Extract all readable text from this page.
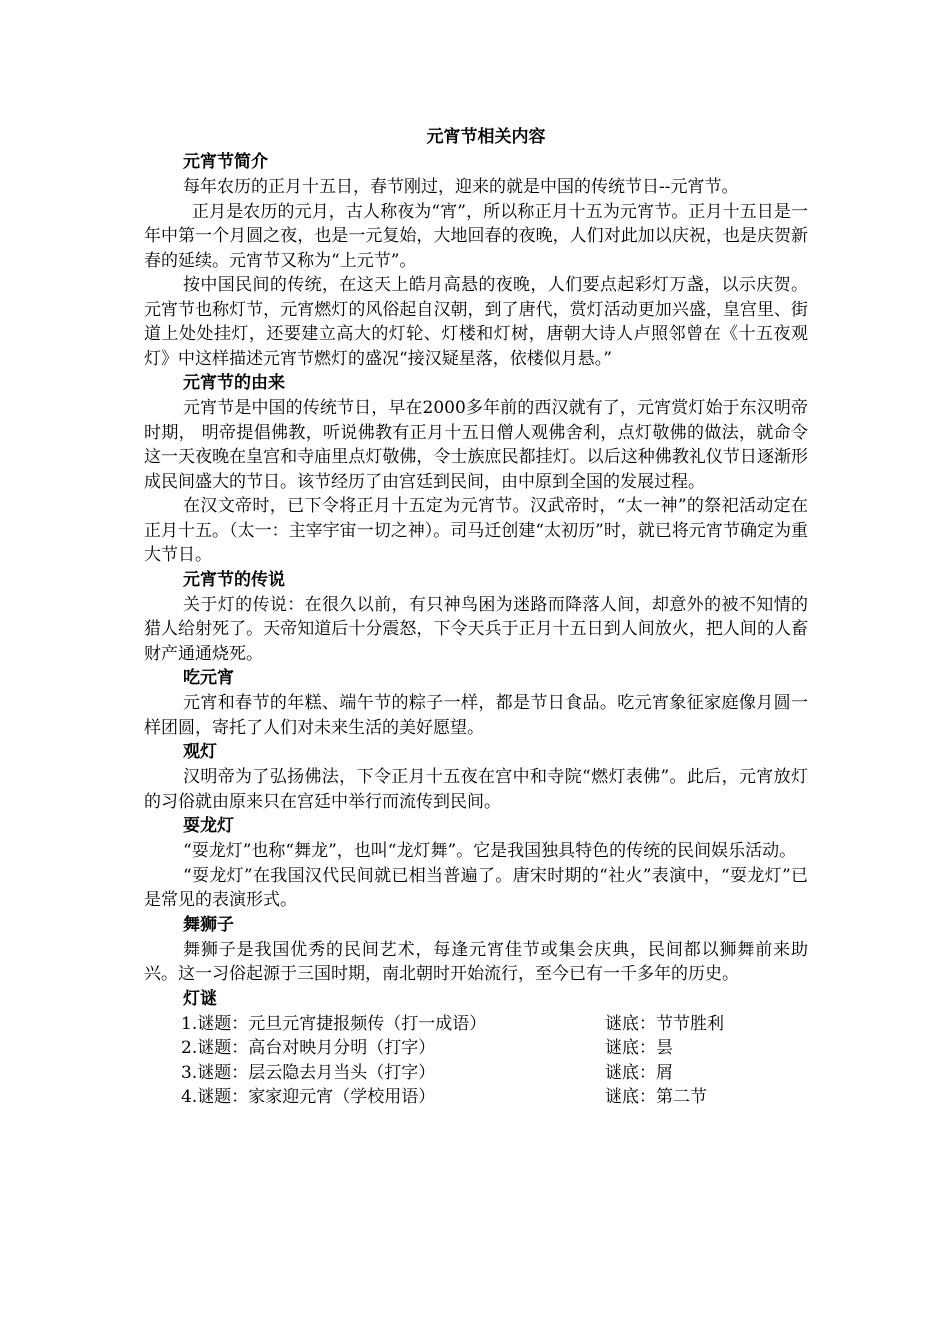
元宵节相关内容
元宵节简介

每年农历的正月十五日，春节刚过，迎来的就是中国的传统节日--元宵节。

正月是农历的元月，古人称夜为“宵”，所以称正月十五为元宵节。正月十五日是一年中第一个月圆之夜，也是一元复始，大地回春的夜晚，人们对此加以庆祝，也是庆贺新春的延续。元宵节又称为“上元节”。

按中国民间的传统，在这天上皓月高悬的夜晚，人们要点起彩灯万盏，以示庆贺。元宵节也称灯节，元宵燃灯的风俗起自汉朝，到了唐代，赏灯活动更加兴盛，皇宫里、街道上处处挂灯，还要建立高大的灯轮、灯楼和灯树，唐朝大诗人卢照邻曾在《十五夜观灯》中这样描述元宵节燃灯的盛况“接汉疑星落，依楼似月悬。”

元宵节的由来

元宵节是中国的传统节日，早在2000多年前的西汉就有了，元宵赏灯始于东汉明帝时期， 明帝提倡佛教，听说佛教有正月十五日僧人观佛舍利，点灯敬佛的做法，就命令这一天夜晚在皇宫和寺庙里点灯敬佛，令士族庶民都挂灯。以后这种佛教礼仪节日逐渐形成民间盛大的节日。该节经历了由宫廷到民间，由中原到全国的发展过程。

在汉文帝时，已下令将正月十五定为元宵节。汉武帝时，“太一神”的祭祀活动定在正月十五。（太一：主宰宇宙一切之神）。司马迁创建“太初历”时，就已将元宵节确定为重大节日。

元宵节的传说

关于灯的传说：在很久以前，有只神鸟困为迷路而降落人间，却意外的被不知情的猎人给射死了。天帝知道后十分震怒，下令天兵于正月十五日到人间放火，把人间的人畜财产通通烧死。

吃元宵

元宵和春节的年糕、端午节的粽子一样，都是节日食品。吃元宵象征家庭像月圆一样团圆，寄托了人们对未来生活的美好愿望。

观灯

汉明帝为了弘扬佛法，下令正月十五夜在宫中和寺院“燃灯表佛”。此后，元宵放灯的习俗就由原来只在宫廷中举行而流传到民间。

耍龙灯

“耍龙灯”也称“舞龙”，也叫“龙灯舞”。它是我国独具特色的传统的民间娱乐活动。

“耍龙灯”在我国汉代民间就已相当普遍了。唐宋时期的“社火”表演中，“耍龙灯”已是常见的表演形式。

舞狮子

舞狮子是我国优秀的民间艺术，每逢元宵佳节或集会庆典，民间都以狮舞前来助兴。这一习俗起源于三国时期，南北朝时开始流行，至今已有一千多年的历史。

灯谜
1.谜题：元旦元宵捷报频传（打一成语）	谜底：节节胜利
2.谜题：高台对映月分明（打字）	谜底：昙
3.谜题：层云隐去月当头（打字）	谜底：屑
4.谜题：家家迎元宵（学校用语）	谜底：第二节
